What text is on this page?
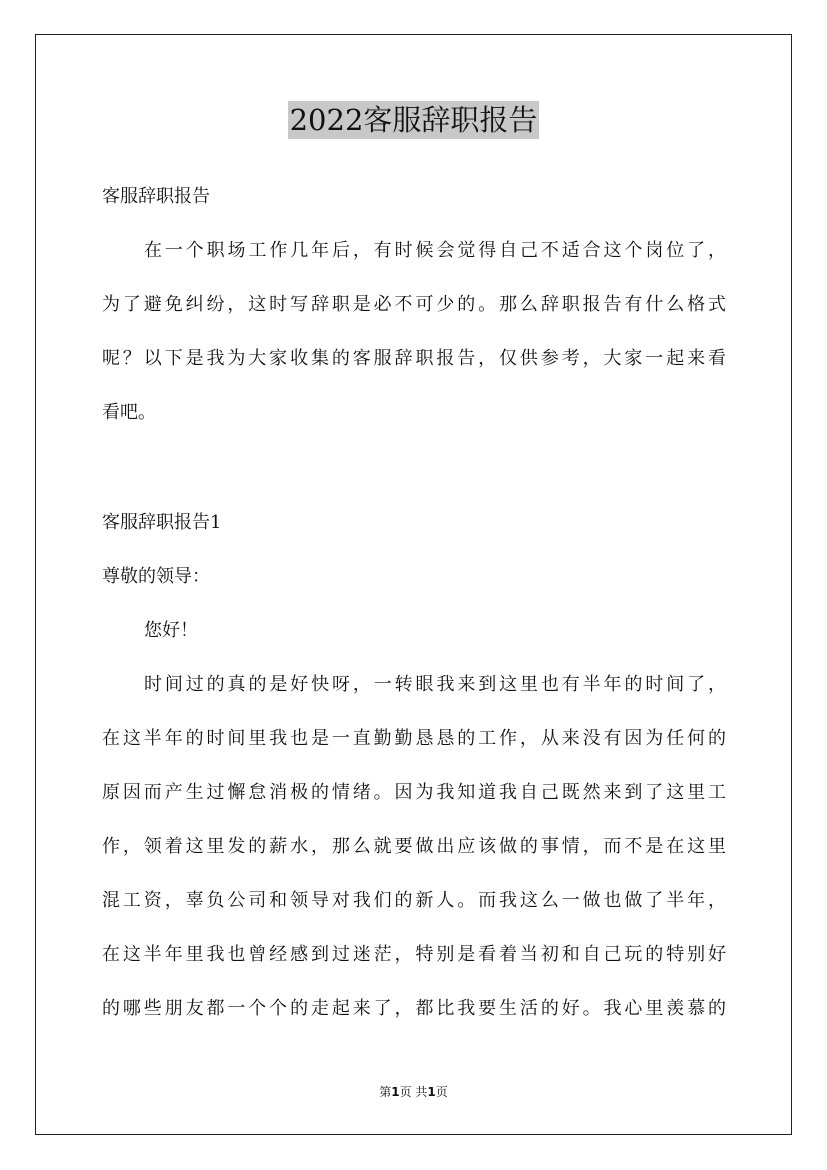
2022客服辞职报告
客服辞职报告
在一个职场工作几年后，有时候会觉得自己不适合这个岗位了，
为了避免纠纷，这时写辞职是必不可少的。那么辞职报告有什么格式
呢？以下是我为大家收集的客服辞职报告，仅供参考，大家一起来看
看吧。
客服辞职报告1
尊敬的领导：
您好！
时间过的真的是好快呀，一转眼我来到这里也有半年的时间了，
在这半年的时间里我也是一直勤勤恳恳的工作，从来没有因为任何的
原因而产生过懈怠消极的情绪。因为我知道我自己既然来到了这里工
作，领着这里发的薪水，那么就要做出应该做的事情，而不是在这里
混工资，辜负公司和领导对我们的新人。而我这么一做也做了半年，
在这半年里我也曾经感到过迷茫，特别是看着当初和自己玩的特别好
的哪些朋友都一个个的走起来了，都比我要生活的好。我心里羡慕的
第1页 共1页
